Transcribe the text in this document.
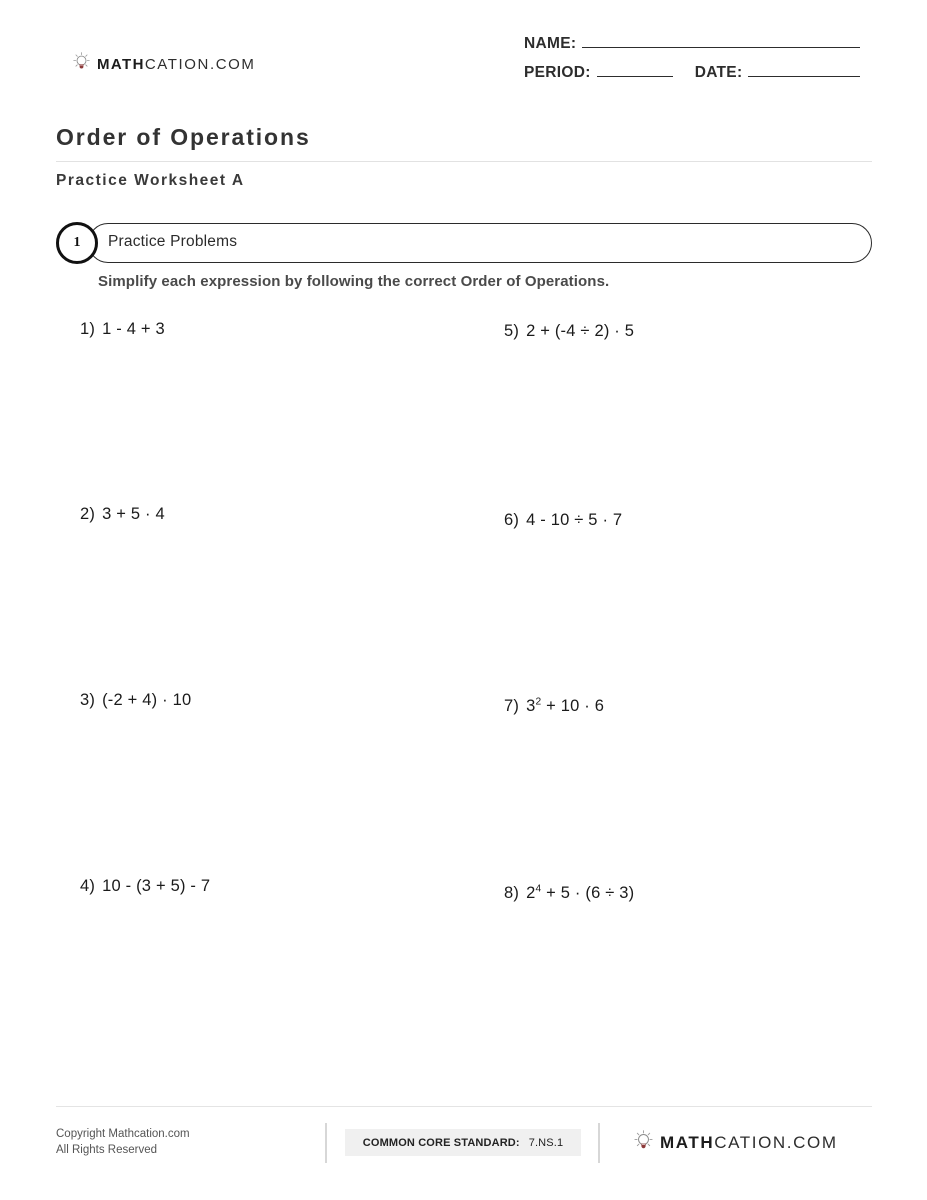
MATHCATION.COM
NAME:
PERIOD:	DATE:
Order of Operations
Practice Worksheet A
Practice Problems
1
Simplify each expression by following the correct Order of Operations.
1) 1 - 4 + 3
2) 3 + 5 · 4
3) (-2 + 4) · 10
4) 10 - (3 + 5) - 7
5) 2 + (-4 ÷ 2) · 5
6) 4 - 10 ÷ 5 · 7
7) $3^2 + 10 \cdot 6$
8) $2^4 + 5 \cdot (6 \div 3)$
Copyright Mathcation.com
All Rights Reserved
COMMON CORE STANDARD: 7.NS.1	MATHCATION.COM
